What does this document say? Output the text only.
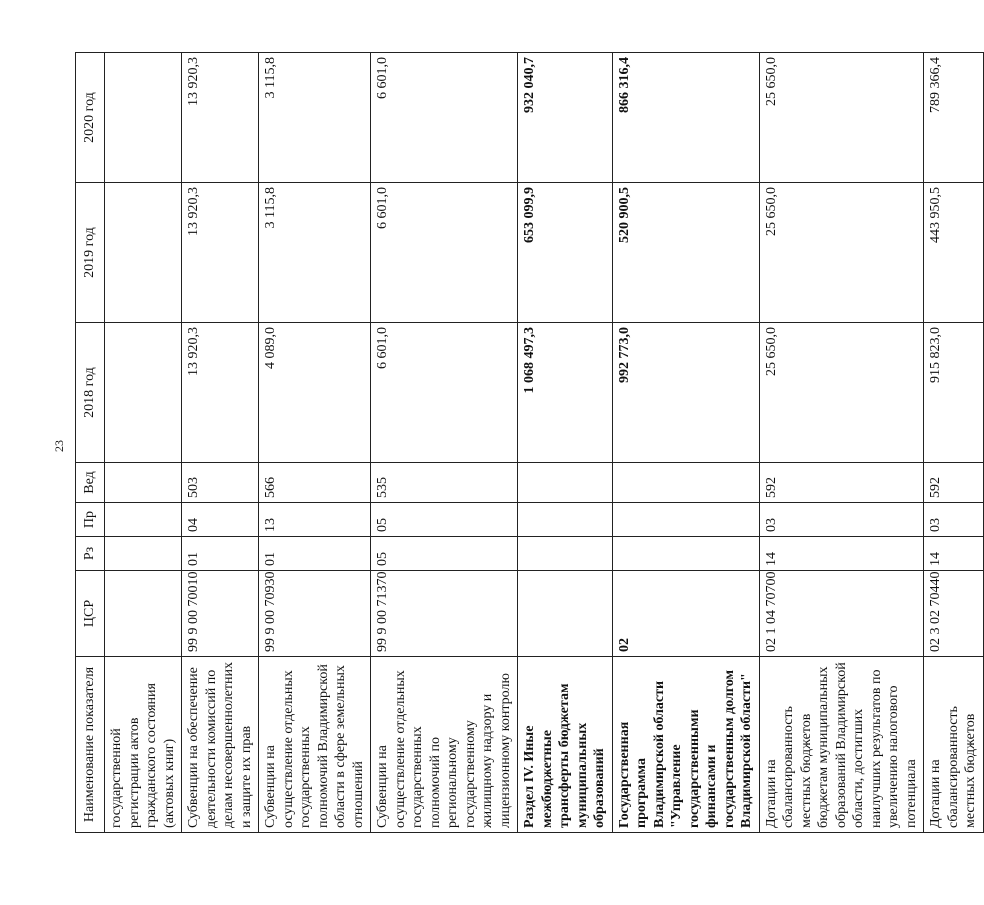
23
Наименование показателя	ЦСР	Рз	Пр	Вед	2018 год	2019 год	2020 год
государственной регистрации актов гражданского состояния (актовых книг)							
Субвенции на обеспечение деятельности комиссий по делам несовершеннолетних и защите их прав	99 9 00 70010	01	04	503	13 920,3	13 920,3	13 920,3
Субвенции на осуществление отдельных государственных полномочий Владимирской области в сфере земельных отношений	99 9 00 70930	01	13	566	4 089,0	3 115,8	3 115,8
Субвенции на осуществление отдельных государственных полномочий по региональному государственному жилищному надзору и лицензионному контролю	99 9 00 71370	05	05	535	6 601,0	6 601,0	6 601,0
Раздел IV. Иные межбюджетные трансферты бюджетам муниципальных образований					1 068 497,3	653 099,9	932 040,7
Государственная программа Владимирской области "Управление государственными финансами и государственным долгом Владимирской области"	02				992 773,0	520 900,5	866 316,4
Дотации на сбалансированность местных бюджетов бюджетам муниципальных образований Владимирской области, достигших наилучших результатов по увеличению налогового потенциала	02 1 04 70700	14	03	592	25 650,0	25 650,0	25 650,0
Дотации на сбалансированность местных бюджетов	02 3 02 70440	14	03	592	915 823,0	443 950,5	789 366,4
